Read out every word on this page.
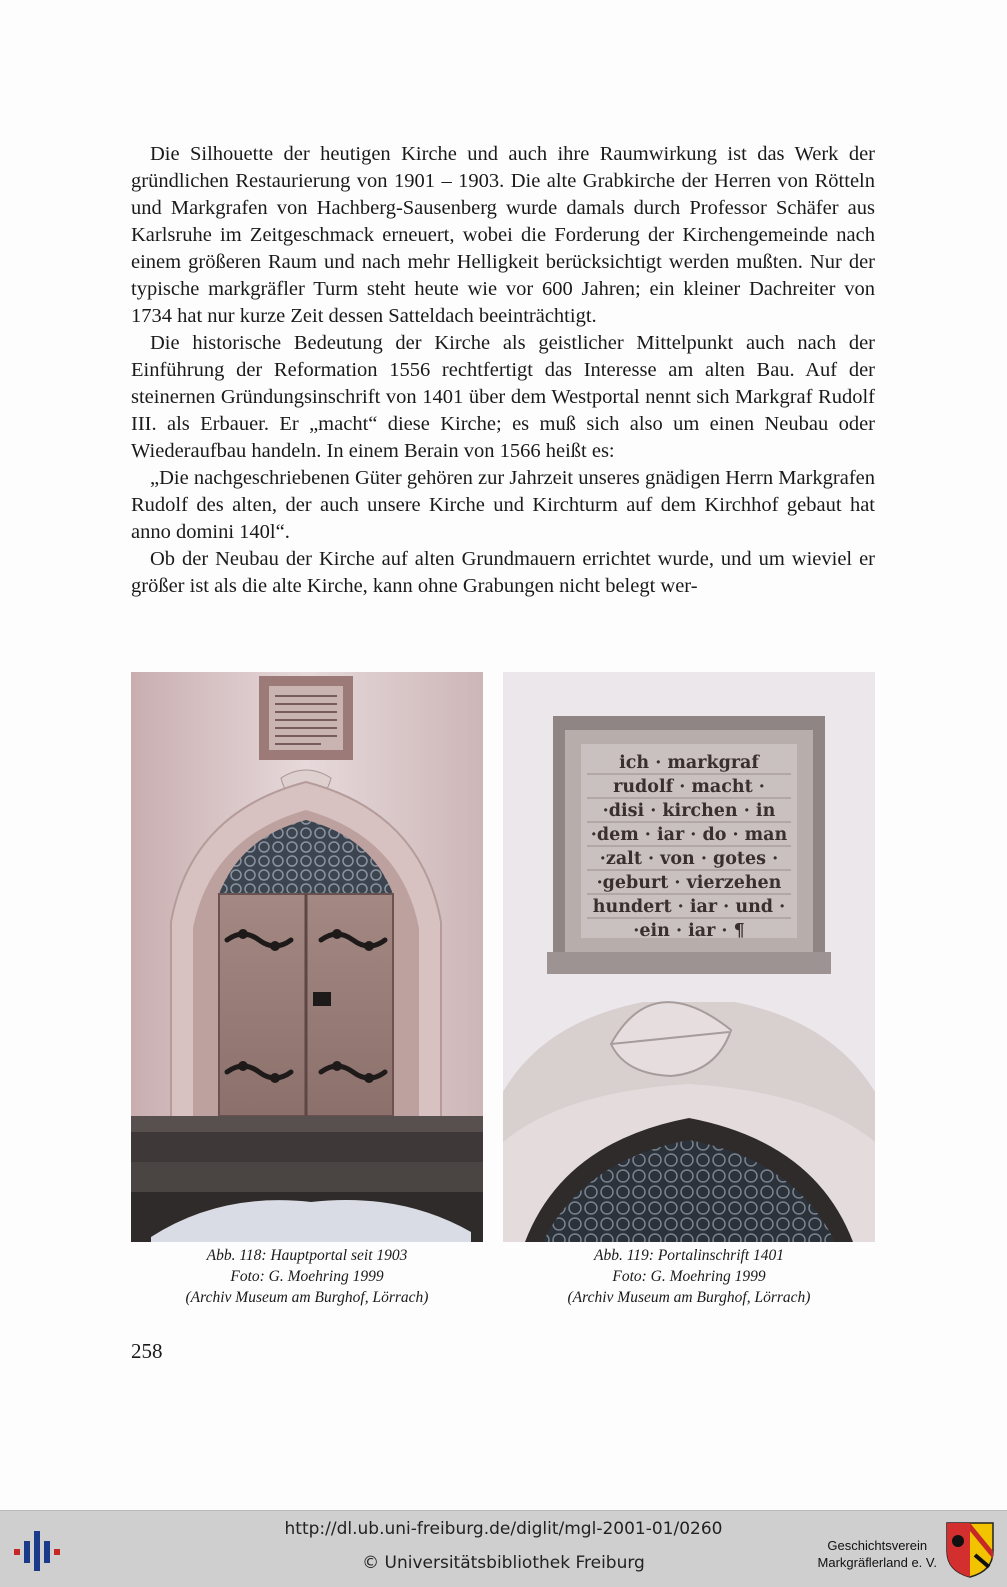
Die Silhouette der heutigen Kirche und auch ihre Raumwirkung ist das Werk der gründlichen Restaurierung von 1901 – 1903. Die alte Grabkirche der Herren von Rötteln und Markgrafen von Hachberg-Sausenberg wurde damals durch Professor Schäfer aus Karlsruhe im Zeitgeschmack erneuert, wobei die Forderung der Kirchengemeinde nach einem größeren Raum und nach mehr Helligkeit berücksichtigt werden mußten. Nur der typische markgräfler Turm steht heute wie vor 600 Jahren; ein kleiner Dachreiter von 1734 hat nur kurze Zeit dessen Satteldach beeinträchtigt.

Die historische Bedeutung der Kirche als geistlicher Mittelpunkt auch nach der Einführung der Reformation 1556 rechtfertigt das Interesse am alten Bau. Auf der steinernen Gründungsinschrift von 1401 über dem Westportal nennt sich Markgraf Rudolf III. als Erbauer. Er „macht“ diese Kirche; es muß sich also um einen Neubau oder Wiederaufbau handeln. In einem Berain von 1566 heißt es:

„Die nachgeschriebenen Güter gehören zur Jahrzeit unseres gnädigen Herrn Markgrafen Rudolf des alten, der auch unsere Kirche und Kirchturm auf dem Kirchhof gebaut hat anno domini 140l“.

Ob der Neubau der Kirche auf alten Grundmauern errichtet wurde, und um wieviel er größer ist als die alte Kirche, kann ohne Grabungen nicht belegt wer-

ich · markgraf
rudolf · macht ·
·disi · kirchen · in
·dem · iar · do · man
·zalt · von · gotes ·
·geburt · vierzehen
hundert · iar · und ·
·ein · iar · ¶
Abb. 118: Hauptportal seit 1903
Foto: G. Moehring 1999
(Archiv Museum am Burghof, Lörrach)
Abb. 119: Portalinschrift 1401
Foto: G. Moehring 1999
(Archiv Museum am Burghof, Lörrach)
258
http://dl.ub.uni-freiburg.de/diglit/mgl-2001-01/0260
© Universitätsbibliothek Freiburg
Geschichtsverein
Markgräflerland e. V.
